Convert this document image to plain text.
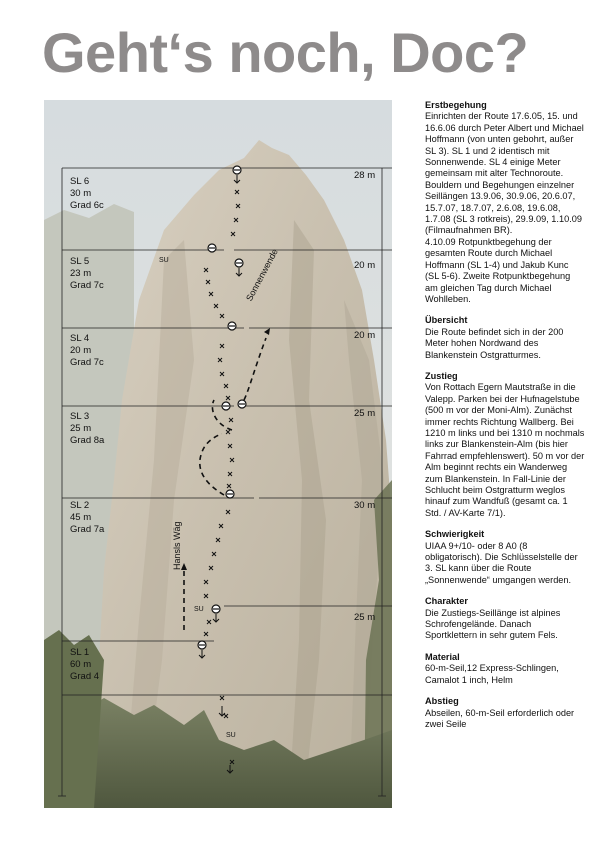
Geht‘s noch, Doc?
SU
SU
SU
Sonnenwende
Hansls Wäg
28 m
20 m
20 m
25 m
30 m
25 m
SL 6
30 m
Grad 6c
SL 5
23 m
Grad 7c
SL 4
20 m
Grad 7c
SL 3
25 m
Grad 8a
SL 2
45 m
Grad 7a
SL 1
60 m
Grad 4
Erstbegehung

Einrichten der Route 17.6.05, 15. und 16.6.06 durch Peter Albert und Michael Hoffmann (von unten gebohrt, außer SL 3). SL 1 und 2 identisch mit Sonnenwende. SL 4 einige Meter gemeinsam mit alter Technoroute.

Bouldern und Begehungen einzelner Seillängen 13.9.06, 30.9.06, 20.6.07, 15.7.07, 18.7.07, 2.6.08, 19.6.08, 1.7.08 (SL 3 rotkreis), 29.9.09, 1.10.09 (Filmaufnahmen BR).

4.10.09 Rotpunktbegehung der gesamten Route durch Michael Hoffmann (SL 1-4) und Jakub Kunc (SL 5-6). Zweite Rotpunktbegehung am gleichen Tag durch Michael Wohlleben.

Übersicht

Die Route befindet sich in der 200 Meter hohen Nordwand des Blankenstein Ostgratturmes.

Zustieg

Von Rottach Egern Mautstraße in die Valepp. Parken bei der Hufnagelstube (500 m vor der Moni-Alm). Zunächst immer rechts Richtung Wallberg. Bei 1210 m links und bei 1310 m nochmals links zur Blankenstein-Alm (bis hier Fahrrad empfehlenswert). 50 m vor der Alm beginnt rechts ein Wanderweg zum Blankenstein. In Fall-Linie der Schlucht beim Ostgratturm weglos hinauf zum Wandfuß (gesamt ca. 1 Std. / AV-Karte 7/1).

Schwierigkeit

UIAA 9+/10- oder 8 A0 (8 obligatorisch). Die Schlüsselstelle der 3. SL kann über die Route „Sonnenwende“ umgangen werden.

Charakter

Die Zustiegs-Seillänge ist alpines Schrofengelände. Danach Sportklettern in sehr gutem Fels.

Material

60-m-Seil,12 Express-Schlingen, Camalot 1 inch, Helm

Abstieg

Abseilen, 60-m-Seil erforderlich oder zwei Seile
